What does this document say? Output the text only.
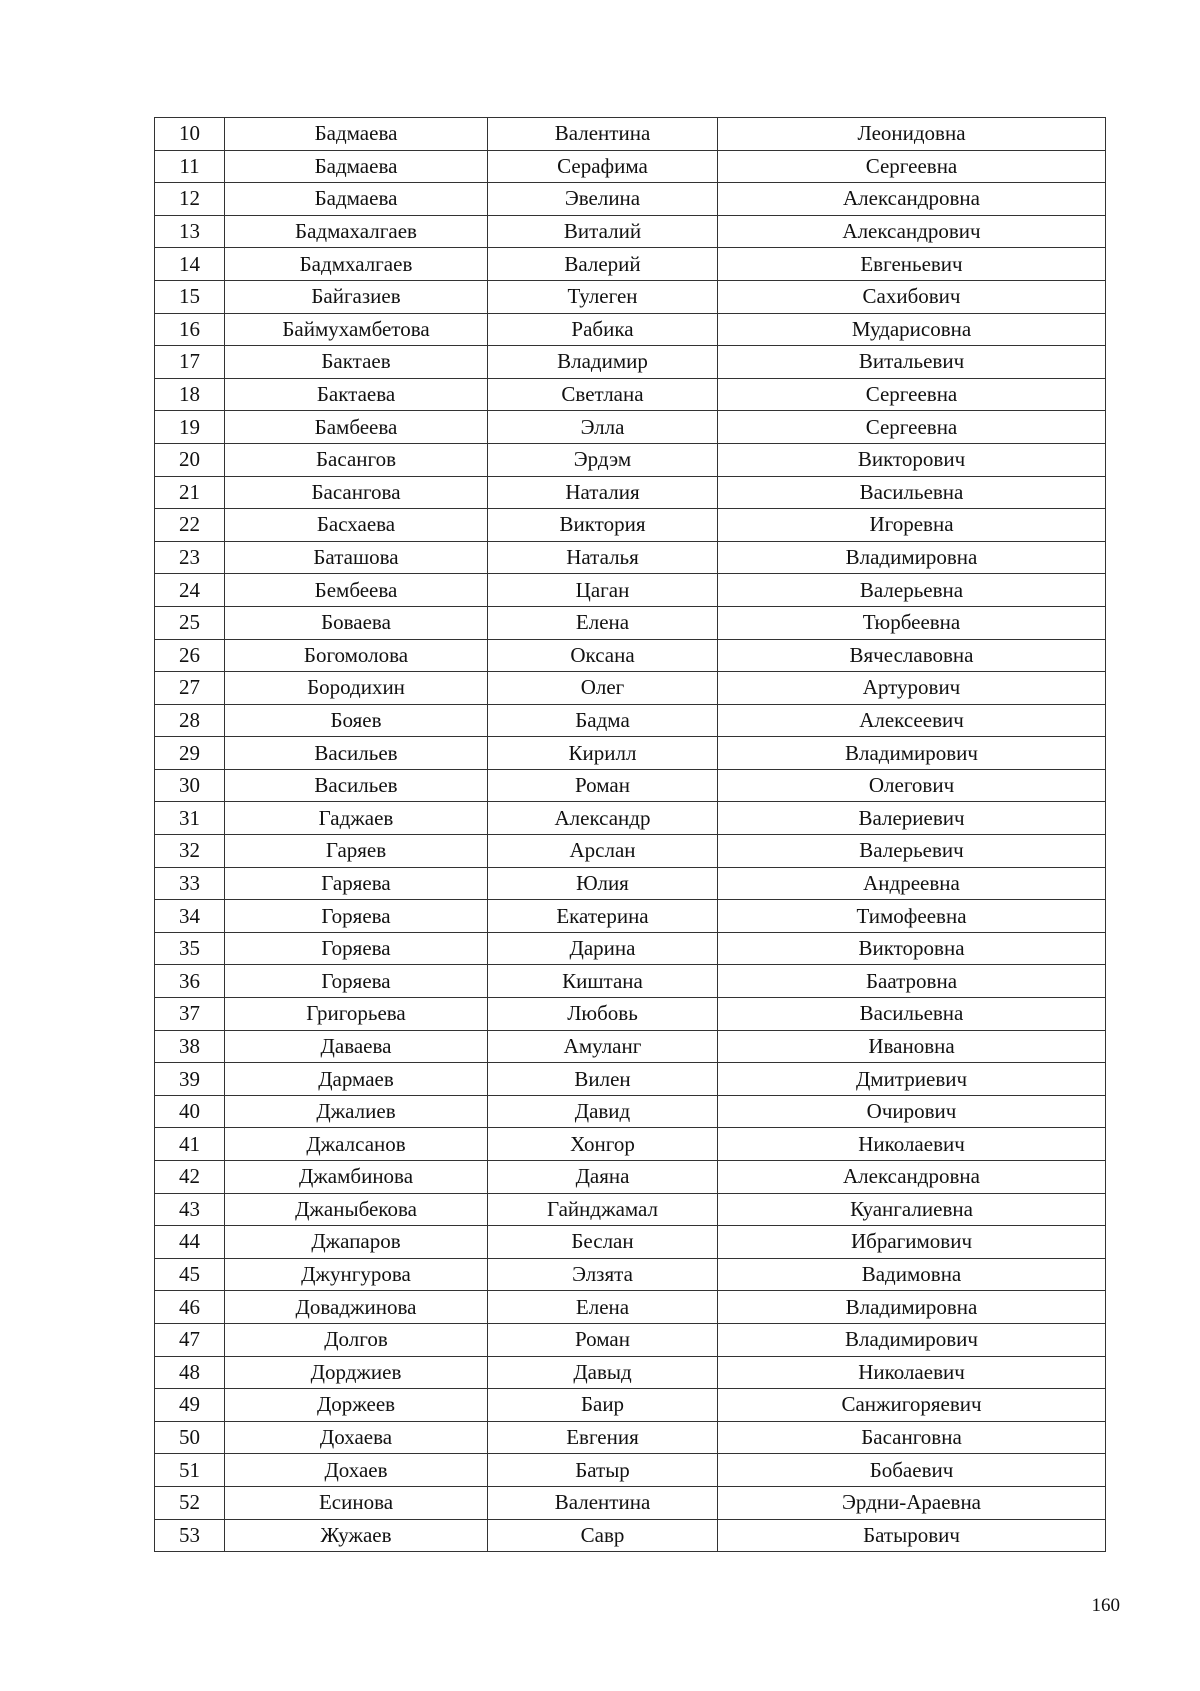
10	Бадмаева	Валентина	Леонидовна
11	Бадмаева	Серафима	Сергеевна
12	Бадмаева	Эвелина	Александровна
13	Бадмахалгаев	Виталий	Александрович
14	Бадмхалгаев	Валерий	Евгеньевич
15	Байгазиев	Тулеген	Сахибович
16	Баймухамбетова	Рабика	Мударисовна
17	Бактаев	Владимир	Витальевич
18	Бактаева	Светлана	Сергеевна
19	Бамбеева	Элла	Сергеевна
20	Басангов	Эрдэм	Викторович
21	Басангова	Наталия	Васильевна
22	Басхаева	Виктория	Игоревна
23	Баташова	Наталья	Владимировна
24	Бембеева	Цаган	Валерьевна
25	Боваева	Елена	Тюрбеевна
26	Богомолова	Оксана	Вячеславовна
27	Бородихин	Олег	Артурович
28	Бояев	Бадма	Алексеевич
29	Васильев	Кирилл	Владимирович
30	Васильев	Роман	Олегович
31	Гаджаев	Александр	Валериевич
32	Гаряев	Арслан	Валерьевич
33	Гаряева	Юлия	Андреевна
34	Горяева	Екатерина	Тимофеевна
35	Горяева	Дарина	Викторовна
36	Горяева	Киштана	Баатровна
37	Григорьева	Любовь	Васильевна
38	Даваева	Амуланг	Ивановна
39	Дармаев	Вилен	Дмитриевич
40	Джалиев	Давид	Очирович
41	Джалсанов	Хонгор	Николаевич
42	Джамбинова	Даяна	Александровна
43	Джаныбекова	Гайнджамал	Куангалиевна
44	Джапаров	Беслан	Ибрагимович
45	Джунгурова	Элзята	Вадимовна
46	Доваджинова	Елена	Владимировна
47	Долгов	Роман	Владимирович
48	Дорджиев	Давыд	Николаевич
49	Доржеев	Баир	Санжигоряевич
50	Дохаева	Евгения	Басанговна
51	Дохаев	Батыр	Бобаевич
52	Есинова	Валентина	Эрдни-Араевна
53	Жужаев	Савр	Батырович
160
